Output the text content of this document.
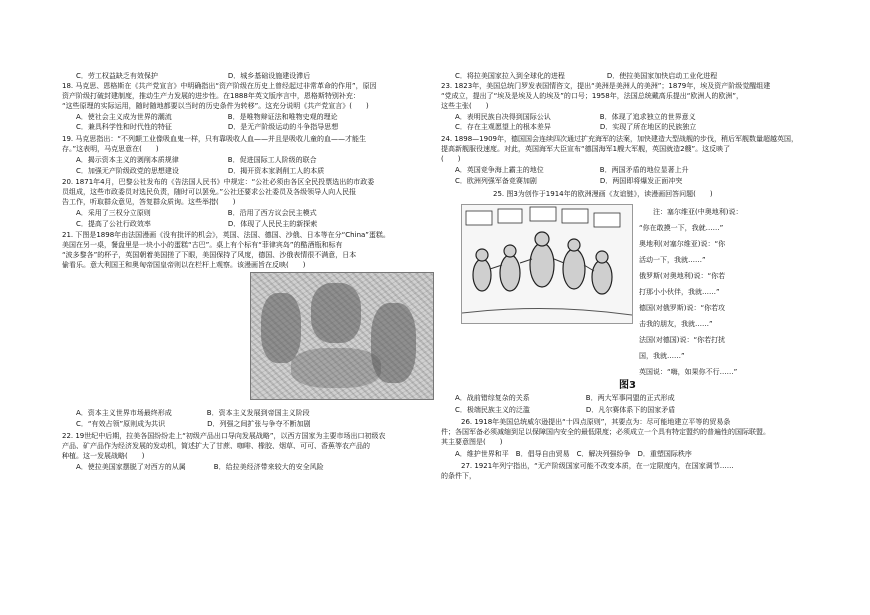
C．劳工权益缺乏有效保护　　　　　　　　　　D．城乡基础设施建设滞后
18. 马克思、恩格斯在《共产党宣言》中明确指出“资产阶级在历史上曾经起过非常革命的作用”，原因
资产阶级打破封建制度，推动生产力发展的进步性。在1888年英文版序言中，恩格斯特别补充：
“这些原理的实际运用，随时随地都要以当时的历史条件为转移”。这充分说明《共产党宣言》(　　)
A．使社会主义成为世界的潮流　　　　　　　　B．是唯物辩证法和唯物史观的理论
C．兼具科学性和时代性的特征　　　　　　　　D．是无产阶级运动的斗争指导思想
19. 马克思指出：“不列颠工业像吸血鬼一样，只有靠吸收人血——并且是吸收儿童的血——才能生
存。”这表明，马克思意在(　　)
A．揭示资本主义的剥削本质规律　　　　　　　B．促进国际工人阶级的联合
C．加强无产阶级政党的思想建设　　　　　　　D．揭开资本家剥削工人的本质
20. 1871年4月，巴黎公社发布的《告法国人民书》中规定：“公社必须由各区全民投票选出的市政委
员组成，这些市政委员对选民负责，随时可以罢免。”公社还要求公社委员及各级领导人向人民报
告工作，听取群众意见，答复群众质询。这些举措(　　)
A．采用了三权分立原则　　　　　　　　　　　B．沿用了西方议会民主模式
C．提高了公社行政效率　　　　　　　　　　　D．体现了人民民主的新探索
21. 下图是1898年由法国漫画《没有批评的机会》，英国、法国、德国、沙俄、日本等在分“China”蛋糕。
美国在另一桌，餐盘里是一块小小的蛋糕“古巴”。桌上有个标有“菲律宾岛”的酷酒瓶和标有
“波多黎各”的杯子，英国朝着美国搓了下眼，美国保持了风度，德国、沙俄表情很不满意，日本
偷看乐。意大利国王和奥匈帝国皇帝则以在栏杆上观察。该漫画旨在反映(　　)
A．资本主义世界市场最终形成　　　　　B．资本主义发展到帝国主义阶段
C．“有效占领”原则成为共识　　　　　　D．列强之间扩张与争夺不断加剧
22. 19世纪中后期，拉美各国纷纷走上“初级产品出口导向发展战略”，以西方国家为主要市场出口初级农
产品、矿产品作为经济发展的发动机，简述扩大了甘蔗、咖啡、橡胶、烟草、可可、香蕉等农产品的
种植。这一发展战略(　　)
A．使拉美国家摆脱了对西方的从属　　　　B．给拉美经济带来较大的安全风险
C．将拉美国家拉入到全球化的进程　　　　　　D．使拉美国家加快启动工业化进程
23. 1823年，美国总统门罗发表国情咨文，提出“美洲是美洲人的美洲”；1879年，埃及资产阶级觉醒组建
“党成立，提出了“埃及是埃及人的埃及”的口号；1958年，法国总统戴高乐提出“欧洲人的欧洲”，
这些主张(　　)
A．表明民族自决得到国际公认　　　　　　　B．体现了追求独立的世界意义
C．存在主观愿望上的根本差异　　　　　　　D．实现了所在地区的民族独立
24. 1898—1909年，德国国会连续四次通过扩充海军的法案，加快建造大型战舰的步伐，稍后军舰数量超越英国，
提高新舰服役速度。对此，英国海军大臣宣布“德国海军1艘大军舰，英国就造2艘”。这反映了
(　　)
A．英国竞争海上霸主的地位　　　　　　　　B．两国矛盾的地位显著上升
C．欧洲列强军备竞赛加剧　　　　　　　　　D．两国即将爆发正面冲突
25. 图3为创作于1914年的欧洲漫画《友谊链》，读漫画回答问题(　　)
注：塞尔维亚(中奥地利)说：
“你在敢摸一下，我就……”
奥地利(对塞尔维亚)说：“你
活动一下，我就……”
俄罗斯(对奥地利)说：“你若
打那小小伙伴，我就……”
德国(对俄罗斯)说：“你若攻
击我的朋友，我就……”
法国(对德国)说：“你若打扰
国，我就……”
英国说：“嗨，如果你不行……”
图3
A．战前错综复杂的关系　　　　　　　　B．两大军事同盟的正式形成
C．极端民族主义的泛滥　　　　　　　　D．凡尔赛体系下的国家矛盾
26. 1918年美国总统威尔逊提出“十四点原则”，其要点为：尽可能地建立平等的贸易条
件；各国军备必须减缩到足以保障国内安全的最低限度；必须成立一个具有特定盟约的普遍性的国际联盟。
其主要意图是(　　)
A．维护世界和平　B．倡导自由贸易　C．解决列强纷争　D．重塑国际秩序
27. 1921年列宁指出，“无产阶级国家可能不改变本质，在一定限度内，在国家调节……
的条件下，
